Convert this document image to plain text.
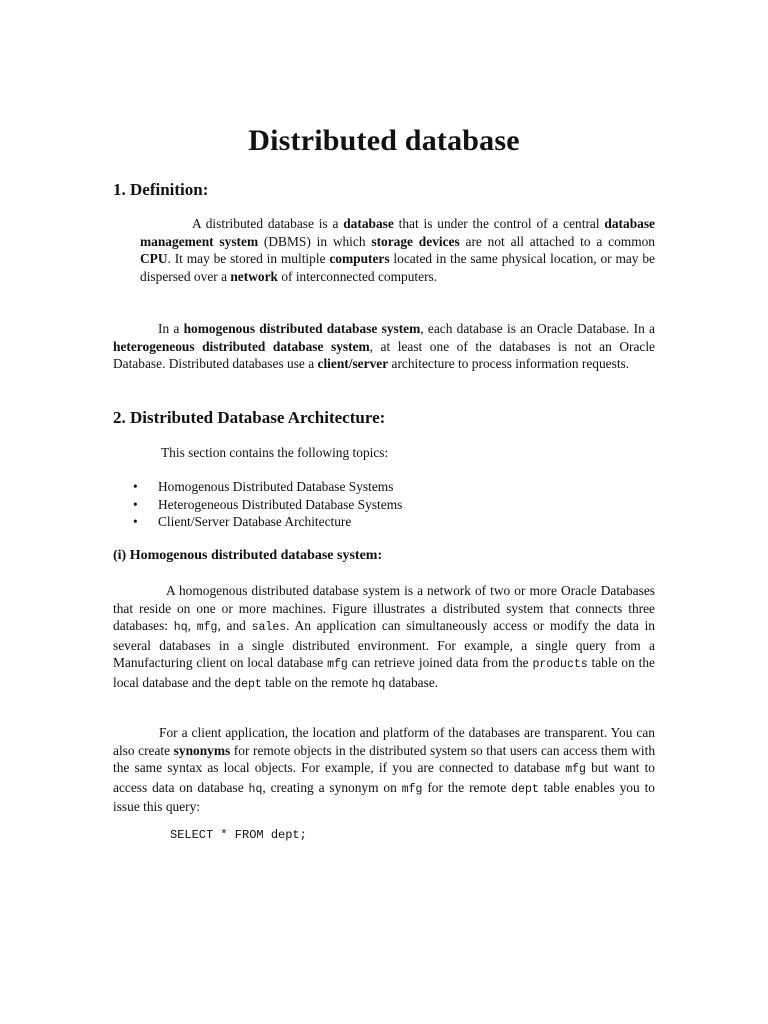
Distributed database
1. Definition:

A distributed database is a database that is under the control of a central database management system (DBMS) in which storage devices are not all attached to a common CPU. It may be stored in multiple computers located in the same physical location, or may be dispersed over a network of interconnected computers.

In a homogenous distributed database system, each database is an Oracle Database. In a heterogeneous distributed database system, at least one of the databases is not an Oracle Database. Distributed databases use a client/server architecture to process information requests.

2. Distributed Database Architecture:

This section contains the following topics:

• Homogenous Distributed Database Systems
• Heterogeneous Distributed Database Systems
• Client/Server Database Architecture
(i) Homogenous distributed database system:

A homogenous distributed database system is a network of two or more Oracle Databases that reside on one or more machines. Figure illustrates a distributed system that connects three databases: hq, mfg, and sales. An application can simultaneously access or modify the data in several databases in a single distributed environment. For example, a single query from a Manufacturing client on local database mfg can retrieve joined data from the products table on the local database and the dept table on the remote hq database.

For a client application, the location and platform of the databases are transparent. You can also create synonyms for remote objects in the distributed system so that users can access them with the same syntax as local objects. For example, if you are connected to database mfg but want to access data on database hq, creating a synonym on mfg for the remote dept table enables you to issue this query:

SELECT * FROM dept;
